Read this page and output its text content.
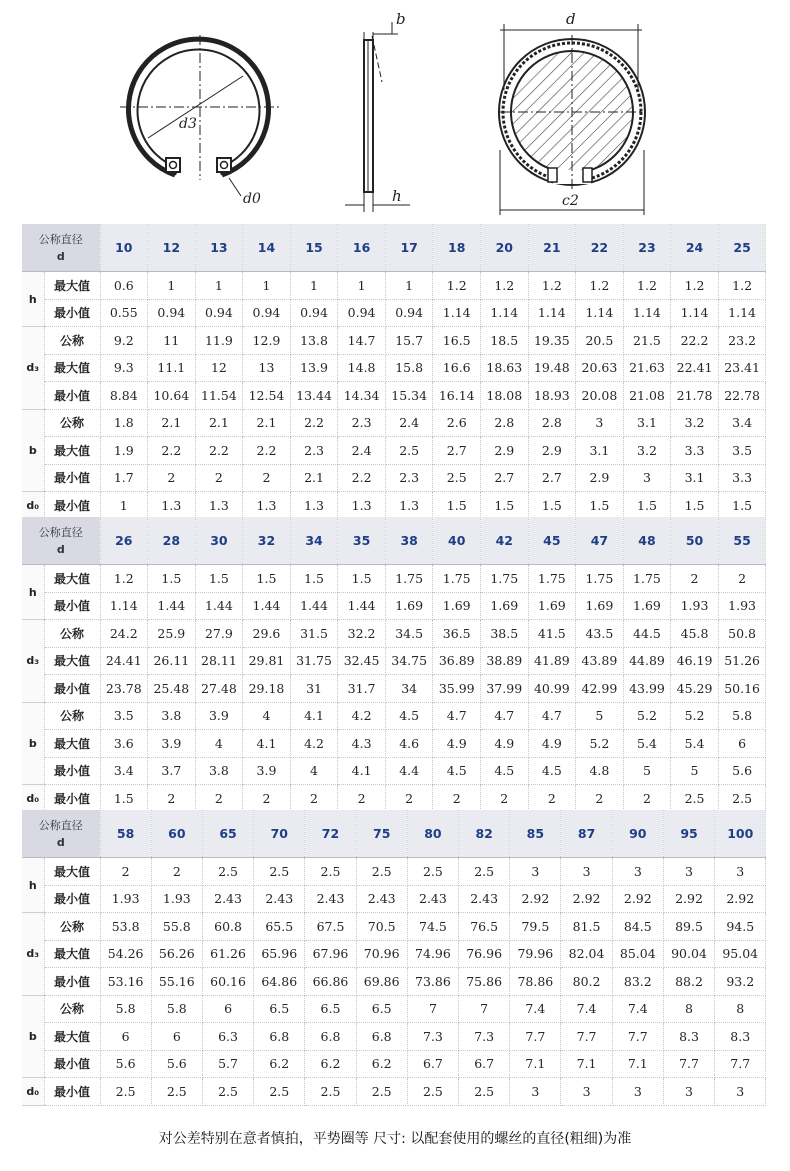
d3
d0
b
h
d
c2
公称直径
d		10	12	13	14	15	16	17	18	20	21	22	23	24	25
h	最大值	0.6	1	1	1	1	1	1	1.2	1.2	1.2	1.2	1.2	1.2	1.2
	最小值	0.55	0.94	0.94	0.94	0.94	0.94	0.94	1.14	1.14	1.14	1.14	1.14	1.14	1.14
d₃	公称	9.2	11	11.9	12.9	13.8	14.7	15.7	16.5	18.5	19.35	20.5	21.5	22.2	23.2
	最大值	9.3	11.1	12	13	13.9	14.8	15.8	16.6	18.63	19.48	20.63	21.63	22.41	23.41
	最小值	8.84	10.64	11.54	12.54	13.44	14.34	15.34	16.14	18.08	18.93	20.08	21.08	21.78	22.78
b	公称	1.8	2.1	2.1	2.1	2.2	2.3	2.4	2.6	2.8	2.8	3	3.1	3.2	3.4
	最大值	1.9	2.2	2.2	2.2	2.3	2.4	2.5	2.7	2.9	2.9	3.1	3.2	3.3	3.5
	最小值	1.7	2	2	2	2.1	2.2	2.3	2.5	2.7	2.7	2.9	3	3.1	3.3
d₀	最小值	1	1.3	1.3	1.3	1.3	1.3	1.3	1.5	1.5	1.5	1.5	1.5	1.5	1.5
公称直径
d		26	28	30	32	34	35	38	40	42	45	47	48	50	55
h	最大值	1.2	1.5	1.5	1.5	1.5	1.5	1.75	1.75	1.75	1.75	1.75	1.75	2	2
	最小值	1.14	1.44	1.44	1.44	1.44	1.44	1.69	1.69	1.69	1.69	1.69	1.69	1.93	1.93
d₃	公称	24.2	25.9	27.9	29.6	31.5	32.2	34.5	36.5	38.5	41.5	43.5	44.5	45.8	50.8
	最大值	24.41	26.11	28.11	29.81	31.75	32.45	34.75	36.89	38.89	41.89	43.89	44.89	46.19	51.26
	最小值	23.78	25.48	27.48	29.18	31	31.7	34	35.99	37.99	40.99	42.99	43.99	45.29	50.16
b	公称	3.5	3.8	3.9	4	4.1	4.2	4.5	4.7	4.7	4.7	5	5.2	5.2	5.8
	最大值	3.6	3.9	4	4.1	4.2	4.3	4.6	4.9	4.9	4.9	5.2	5.4	5.4	6
	最小值	3.4	3.7	3.8	3.9	4	4.1	4.4	4.5	4.5	4.5	4.8	5	5	5.6
d₀	最小值	1.5	2	2	2	2	2	2	2	2	2	2	2	2.5	2.5
公称直径
d		58	60	65	70	72	75	80	82	85	87	90	95	100
h	最大值	2	2	2.5	2.5	2.5	2.5	2.5	2.5	3	3	3	3	3
	最小值	1.93	1.93	2.43	2.43	2.43	2.43	2.43	2.43	2.92	2.92	2.92	2.92	2.92
d₃	公称	53.8	55.8	60.8	65.5	67.5	70.5	74.5	76.5	79.5	81.5	84.5	89.5	94.5
	最大值	54.26	56.26	61.26	65.96	67.96	70.96	74.96	76.96	79.96	82.04	85.04	90.04	95.04
	最小值	53.16	55.16	60.16	64.86	66.86	69.86	73.86	75.86	78.86	80.2	83.2	88.2	93.2
b	公称	5.8	5.8	6	6.5	6.5	6.5	7	7	7.4	7.4	7.4	8	8
	最大值	6	6	6.3	6.8	6.8	6.8	7.3	7.3	7.7	7.7	7.7	8.3	8.3
	最小值	5.6	5.6	5.7	6.2	6.2	6.2	6.7	6.7	7.1	7.1	7.1	7.7	7.7
d₀	最小值	2.5	2.5	2.5	2.5	2.5	2.5	2.5	2.5	3	3	3	3	3
对公差特别在意者慎拍，平势圈等 尺寸: 以配套使用的螺丝的直径(粗细)为准
